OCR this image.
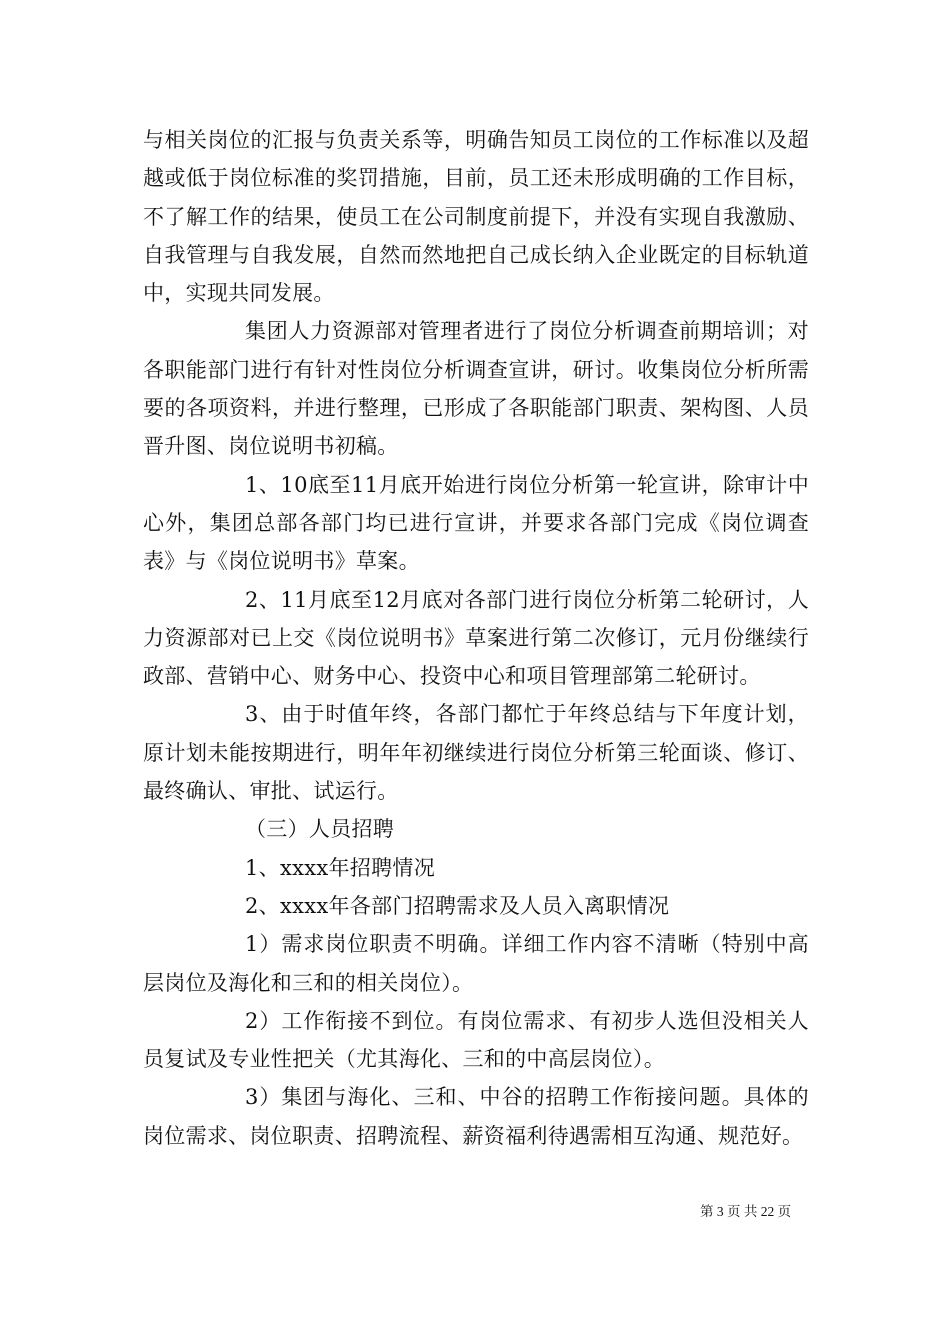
与相关岗位的汇报与负责关系等，明确告知员工岗位的工作标准以及超越或低于岗位标准的奖罚措施，目前，员工还未形成明确的工作目标，不了解工作的结果，使员工在公司制度前提下，并没有实现自我激励、自我管理与自我发展，自然而然地把自己成长纳入企业既定的目标轨道中，实现共同发展。

集团人力资源部对管理者进行了岗位分析调查前期培训；对各职能部门进行有针对性岗位分析调查宣讲，研讨。收集岗位分析所需要的各项资料，并进行整理，已形成了各职能部门职责、架构图、人员晋升图、岗位说明书初稿。

1、10底至11月底开始进行岗位分析第一轮宣讲，除审计中心外，集团总部各部门均已进行宣讲，并要求各部门完成《岗位调查表》与《岗位说明书》草案。

2、11月底至12月底对各部门进行岗位分析第二轮研讨，人力资源部对已上交《岗位说明书》草案进行第二次修订，元月份继续行政部、营销中心、财务中心、投资中心和项目管理部第二轮研讨。

3、由于时值年终，各部门都忙于年终总结与下年度计划，原计划未能按期进行，明年年初继续进行岗位分析第三轮面谈、修订、最终确认、审批、试运行。

（三）人员招聘

1、xxxx年招聘情况

2、xxxx年各部门招聘需求及人员入离职情况

1）需求岗位职责不明确。详细工作内容不清晰（特别中高层岗位及海化和三和的相关岗位）。

2）工作衔接不到位。有岗位需求、有初步人选但没相关人员复试及专业性把关（尤其海化、三和的中高层岗位）。

3）集团与海化、三和、中谷的招聘工作衔接问题。具体的岗位需求、岗位职责、招聘流程、薪资福利待遇需相互沟通、规范好。

第 3 页 共 22 页
